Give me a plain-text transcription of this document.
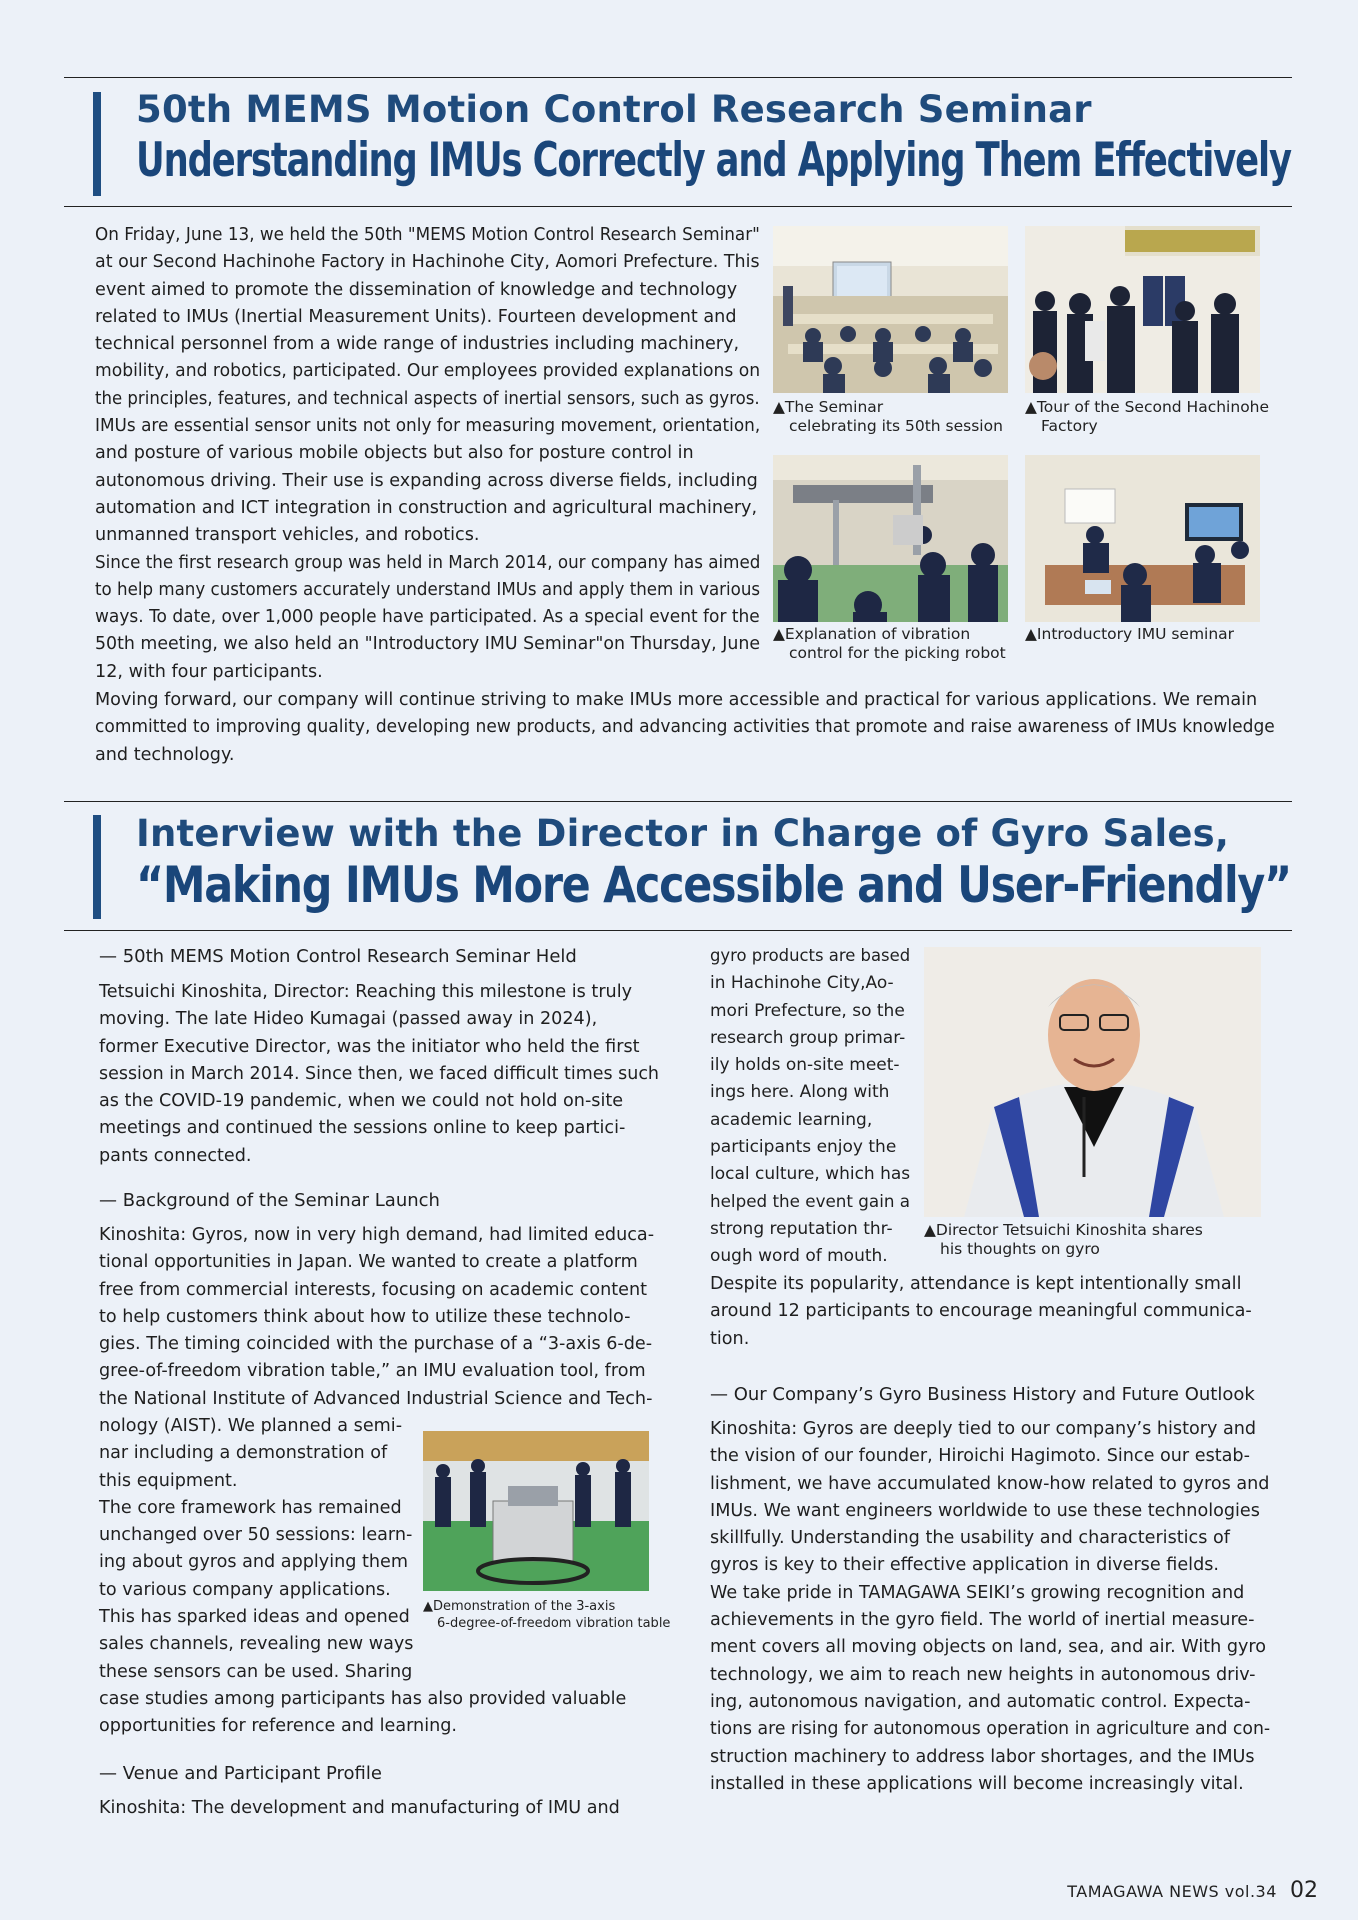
50th MEMS Motion Control Research Seminar
Understanding IMUs Correctly and Applying Them Effectively

On Friday, June 13, we held the 50th "MEMS Motion Control Research Seminar"

at our Second Hachinohe Factory in Hachinohe City, Aomori Prefecture. This

event aimed to promote the dissemination of knowledge and technology

related to IMUs (Inertial Measurement Units). Fourteen development and

technical personnel from a wide range of industries including machinery,

mobility, and robotics, participated. Our employees provided explanations on

the principles, features, and technical aspects of inertial sensors, such as gyros.

IMUs are essential sensor units not only for measuring movement, orientation,

and posture of various mobile objects but also for posture control in

autonomous driving. Their use is expanding across diverse fields, including

automation and ICT integration in construction and agricultural machinery,

unmanned transport vehicles, and robotics.

Since the first research group was held in March 2014, our company has aimed

to help many customers accurately understand IMUs and apply them in various

ways. To date, over 1,000 people have participated. As a special event for the

50th meeting, we also held an "Introductory IMU Seminar"on Thursday, June

12, with four participants.

Moving forward, our company will continue striving to make IMUs more accessible and practical for various applications. We remain

committed to improving quality, developing new products, and advancing activities that promote and raise awareness of IMUs knowledge

and technology.

▲The Seminar
celebrating its 50th session
▲Tour of the Second Hachinohe
Factory
▲Explanation of vibration
control for the picking robot
▲Introductory IMU seminar
Interview with the Director in Charge of Gyro Sales,
“Making IMUs More Accessible and User-Friendly”
— 50th MEMS Motion Control Research Seminar Held

Tetsuichi Kinoshita, Director: Reaching this milestone is truly

moving. The late Hideo Kumagai (passed away in 2024),

former Executive Director, was the initiator who held the first

session in March 2014. Since then, we faced difficult times such

as the COVID-19 pandemic, when we could not hold on-site

meetings and continued the sessions online to keep partici-

pants connected.

— Background of the Seminar Launch

Kinoshita: Gyros, now in very high demand, had limited educa-

tional opportunities in Japan. We wanted to create a platform

free from commercial interests, focusing on academic content

to help customers think about how to utilize these technolo-

gies. The timing coincided with the purchase of a “3-axis 6-de-

gree-of-freedom vibration table,” an IMU evaluation tool, from

the National Institute of Advanced Industrial Science and Tech-

nology (AIST). We planned a semi-

nar including a demonstration of

this equipment.

The core framework has remained

unchanged over 50 sessions: learn-

ing about gyros and applying them

to various company applications.

This has sparked ideas and opened

sales channels, revealing new ways

these sensors can be used. Sharing

case studies among participants has also provided valuable

opportunities for reference and learning.

▲Demonstration of the 3-axis
6-degree-of-freedom vibration table
— Venue and Participant Profile

Kinoshita: The development and manufacturing of IMU and

gyro products are based

in Hachinohe City,Ao-

mori Prefecture, so the

research group primar-

ily holds on-site meet-

ings here. Along with

academic learning,

participants enjoy the

local culture, which has

helped the event gain a

strong reputation thr-

ough word of mouth.

Despite its popularity, attendance is kept intentionally small

around 12 participants to encourage meaningful communica-

tion.

▲Director Tetsuichi Kinoshita shares
his thoughts on gyro
— Our Company’s Gyro Business History and Future Outlook

Kinoshita: Gyros are deeply tied to our company’s history and

the vision of our founder, Hiroichi Hagimoto. Since our estab-

lishment, we have accumulated know-how related to gyros and

IMUs. We want engineers worldwide to use these technologies

skillfully. Understanding the usability and characteristics of

gyros is key to their effective application in diverse fields.

We take pride in TAMAGAWA SEIKI’s growing recognition and

achievements in the gyro field. The world of inertial measure-

ment covers all moving objects on land, sea, and air. With gyro

technology, we aim to reach new heights in autonomous driv-

ing, autonomous navigation, and automatic control. Expecta-

tions are rising for autonomous operation in agriculture and con-

struction machinery to address labor shortages, and the IMUs

installed in these applications will become increasingly vital.

TAMAGAWA NEWS vol.34 02
